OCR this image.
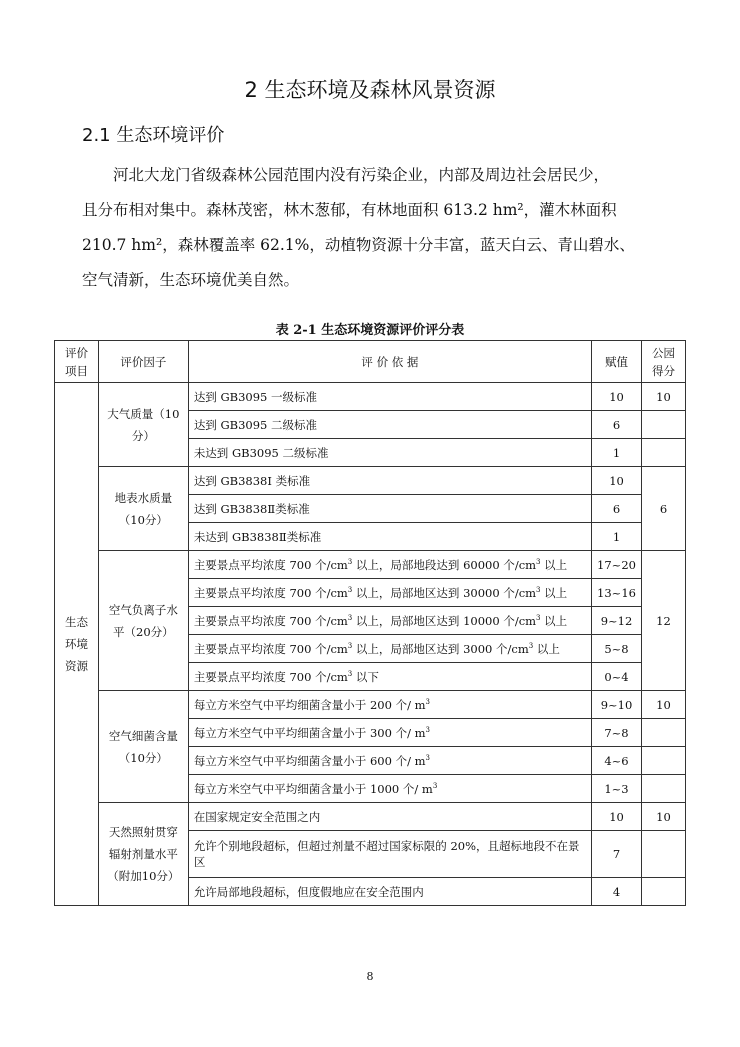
2 生态环境及森林风景资源
2.1 生态环境评价

河北大龙门省级森林公园范围内没有污染企业，内部及周边社会居民少，

且分布相对集中。森林茂密，林木葱郁，有林地面积 613.2 hm²，灌木林面积

210.7 hm²，森林覆盖率 62.1%，动植物资源十分丰富，蓝天白云、青山碧水、

空气清新，生态环境优美自然。

表 2-1 生态环境资源评价评分表
评价项目	评价因子	评 价 依 据	赋值	公园得分
生态环境资源	大气质量（10分）	达到 GB3095 一级标准	10	10
		达到 GB3095 二级标准	6	
		未达到 GB3095 二级标准	1	
	地表水质量（10分）	达到 GB3838I 类标准	10	6
		达到 GB3838Ⅱ类标准	6	
		未达到 GB3838Ⅱ类标准	1	
	空气负离子水平（20分）	主要景点平均浓度 700 个$/cm^3$ 以上，局部地段达到 60000 个$/cm^3$ 以上	17~20	12
		主要景点平均浓度 700 个$/cm^3$ 以上，局部地区达到 30000 个$/cm^3$ 以上	13~16	
		主要景点平均浓度 700 个$/cm^3$ 以上，局部地区达到 10000 个$/cm^3$ 以上	9~12	
		主要景点平均浓度 700 个$/cm^3$ 以上，局部地区达到 3000 个$/cm^3$ 以上	5~8	
		主要景点平均浓度 700 个$/cm^3$ 以下	0~4	
	空气细菌含量（10分）	每立方米空气中平均细菌含量小于 200 个/ $m^3$	9~10	10
		每立方米空气中平均细菌含量小于 300 个/ $m^3$	7~8	
		每立方米空气中平均细菌含量小于 600 个/ $m^3$	4~6	
		每立方米空气中平均细菌含量小于 1000 个/ $m^3$	1~3	
	天然照射贯穿辐射剂量水平（附加10分）	在国家规定安全范围之内	10	10
		允许个别地段超标，但超过剂量不超过国家标限的 20%，且超标地段不在景区	7	
		允许局部地段超标，但度假地应在安全范围内	4	
8
